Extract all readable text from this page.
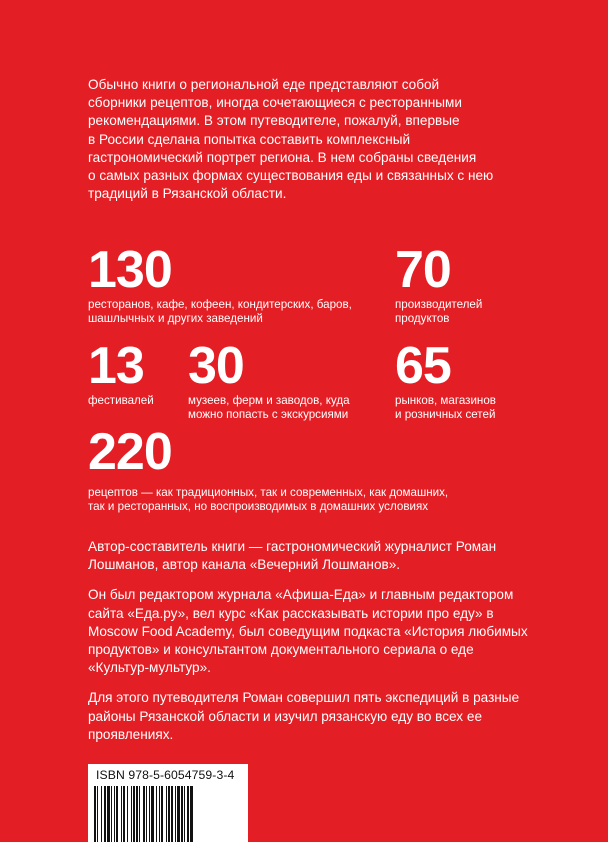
Обычно книги о региональной еде представляют собой
сборники рецептов, иногда сочетающиеся с ресторанными
рекомендациями. В этом путеводителе, пожалуй, впервые
в России сделана попытка составить комплексный
гастрономический портрет региона. В нем собраны сведения
о самых разных формах существования еды и связанных с нею
традиций в Рязанской области.

130
ресторанов, кафе, кофеен, кондитерских, баров,
шашлычных и других заведений
70
производителей
продуктов
13
фестивалей
30
музеев, ферм и заводов, куда
можно попасть с экскурсиями
65
рынков, магазинов
и розничных сетей
220
рецептов — как традиционных, так и современных, как домашних,
так и ресторанных, но воспроизводимых в домашних условиях

Автор-составитель книги — гастрономический журналист Роман Лошманов, автор канала «Вечерний Лошманов».

Он был редактором журнала «Афиша-Еда» и главным редактором сайта «Еда.ру», вел курс «Как рассказывать истории про еду» в Moscow Food Academy, был соведущим подкаста «История любимых продуктов» и консультантом документального сериала о еде «Культур-мультур».

Для этого путеводителя Роман совершил пять экспедиций в разные районы Рязанской области и изучил рязанскую еду во всех ее проявлениях.

ISBN 978-5-6054759-3-4
